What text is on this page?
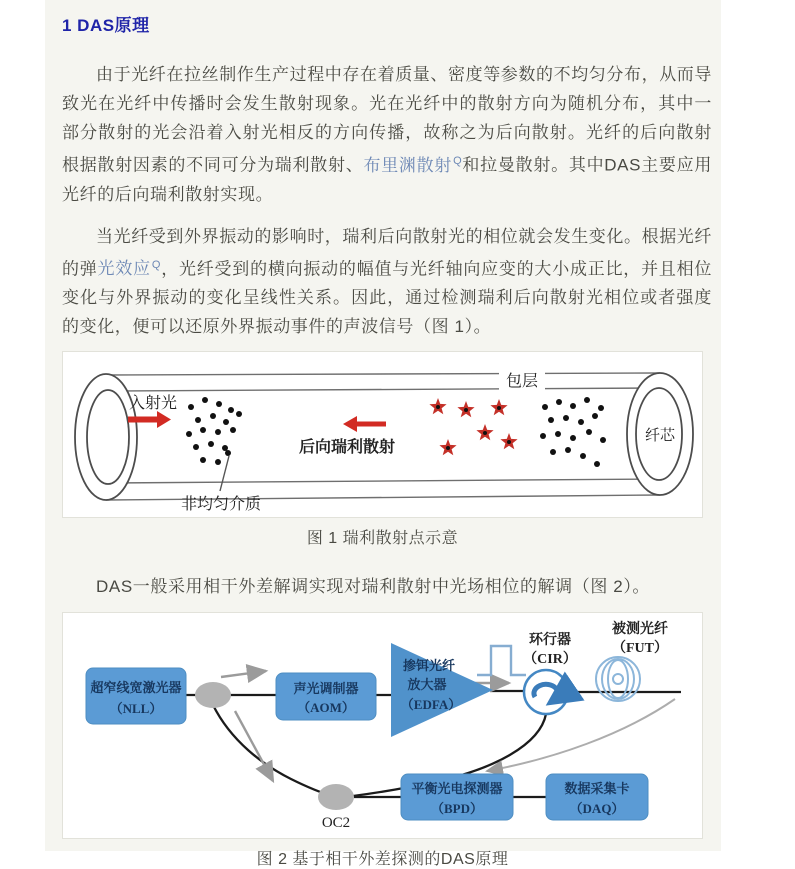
1 DAS原理

由于光纤在拉丝制作生产过程中存在着质量、密度等参数的不均匀分布，从而导致光在光纤中传播时会发生散射现象。光在光纤中的散射方向为随机分布，其中一部分散射的光会沿着入射光相反的方向传播，故称之为后向散射。光纤的后向散射根据散射因素的不同可分为瑞利散射、布里渊散射$^Q$和拉曼散射。其中DAS主要应用光纤的后向瑞利散射实现。

当光纤受到外界振动的影响时，瑞利后向散射光的相位就会发生变化。根据光纤的弹光效应$^Q$，光纤受到的横向振动的幅值与光纤轴向应变的大小成正比，并且相位变化与外界振动的变化呈线性关系。因此，通过检测瑞利后向散射光相位或者强度的变化，便可以还原外界振动事件的声波信号（图 1）。

包层
纤芯
入射光
后向瑞利散射
非均匀介质
图 1 瑞利散射点示意

DAS一般采用相干外差解调实现对瑞利散射中光场相位的解调（图 2）。

OC2
超窄线宽激光器
（NLL）
声光调制器
（AOM）
掺铒光纤
放大器
（EDFA）
环行器
（CIR）
被测光纤
（FUT）
平衡光电探测器
（BPD）
数据采集卡
（DAQ）
图 2 基于相干外差探测的DAS原理
